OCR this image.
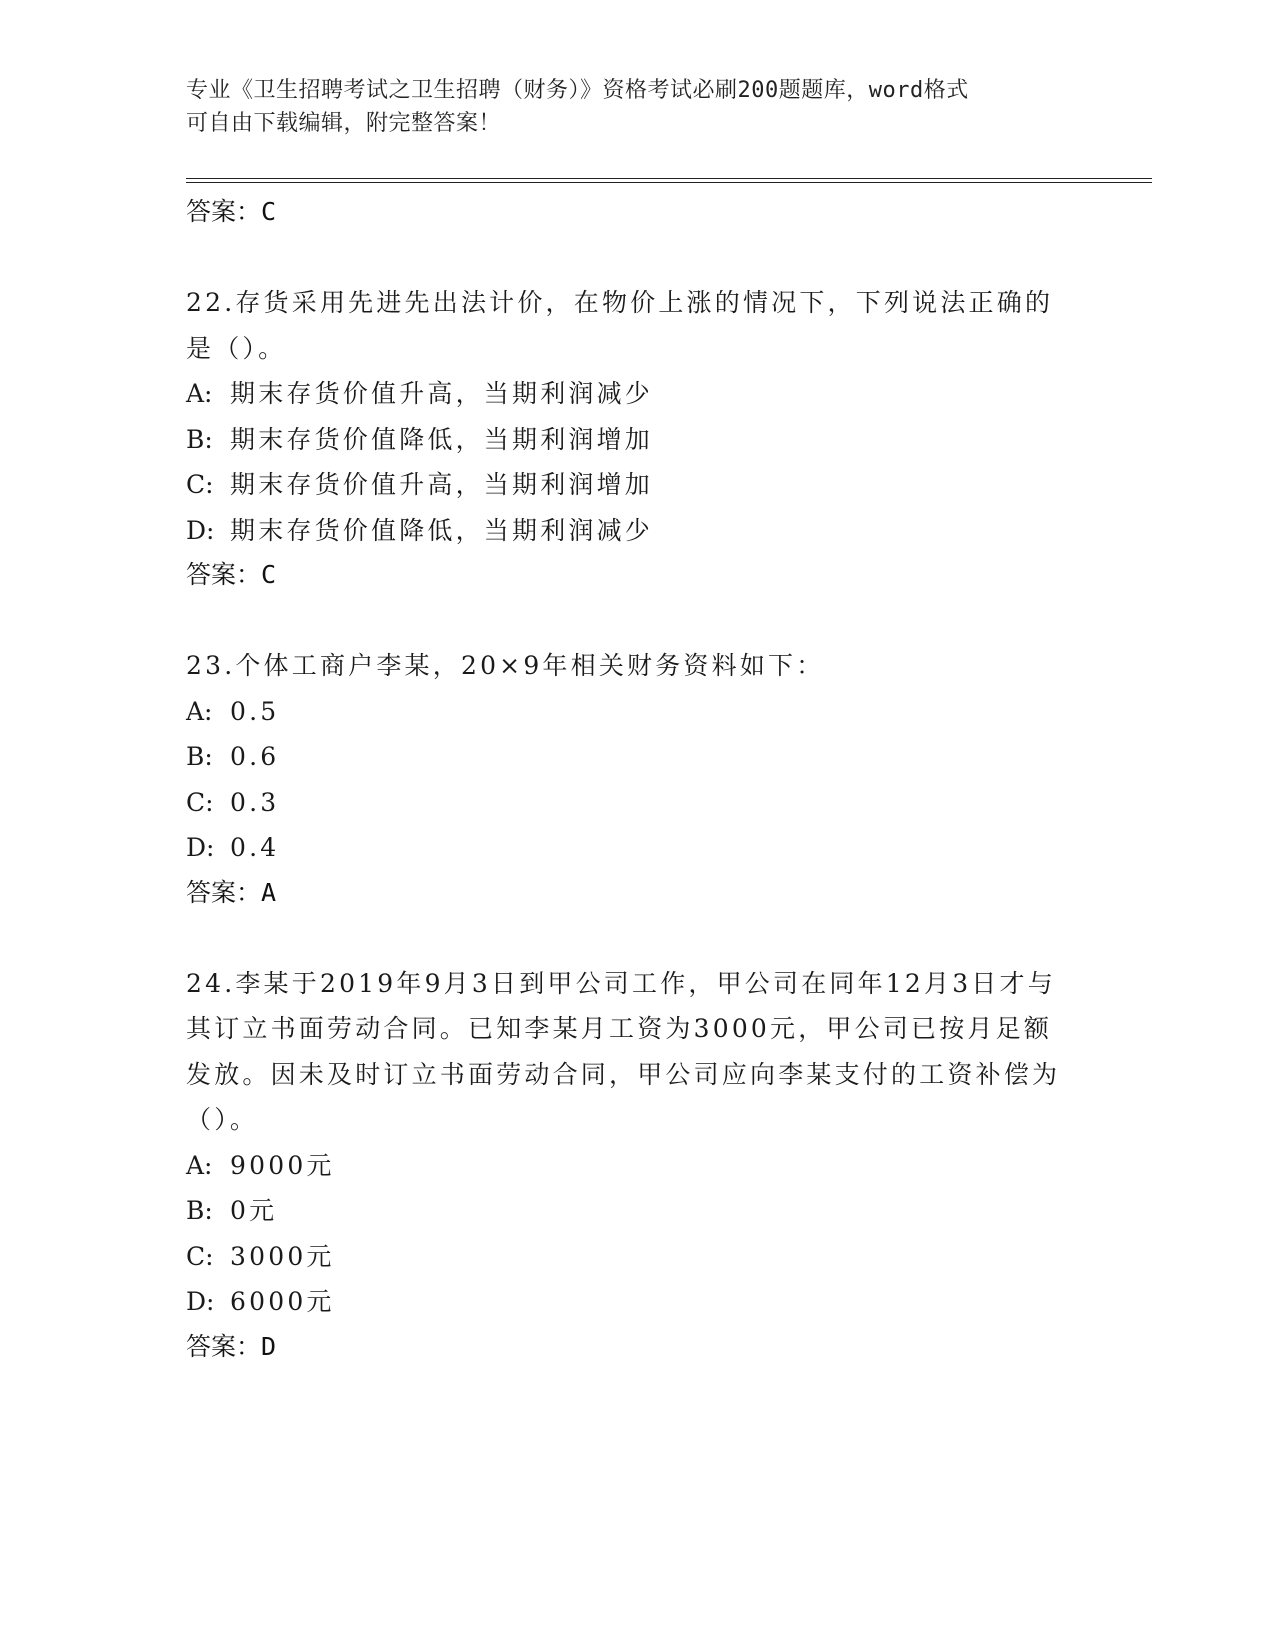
专业《卫生招聘考试之卫生招聘（财务）》资格考试必刷200题题库，word格式
可自由下载编辑，附完整答案！
答案：C
22.存货采用先进先出法计价，在物价上涨的情况下，下列说法正确的是（）。
A: 期末存货价值升高，当期利润减少
B: 期末存货价值降低，当期利润增加
C: 期末存货价值升高，当期利润增加
D: 期末存货价值降低，当期利润减少
答案：C
23.个体工商户李某，20×9年相关财务资料如下：
A: 0.5
B: 0.6
C: 0.3
D: 0.4
答案：A
24.李某于2019年9月3日到甲公司工作，甲公司在同年12月3日才与其订立书面劳动合同。已知李某月工资为3000元，甲公司已按月足额发放。因未及时订立书面劳动合同，甲公司应向李某支付的工资补偿为（）。
A: 9000元
B: 0元
C: 3000元
D: 6000元
答案：D
